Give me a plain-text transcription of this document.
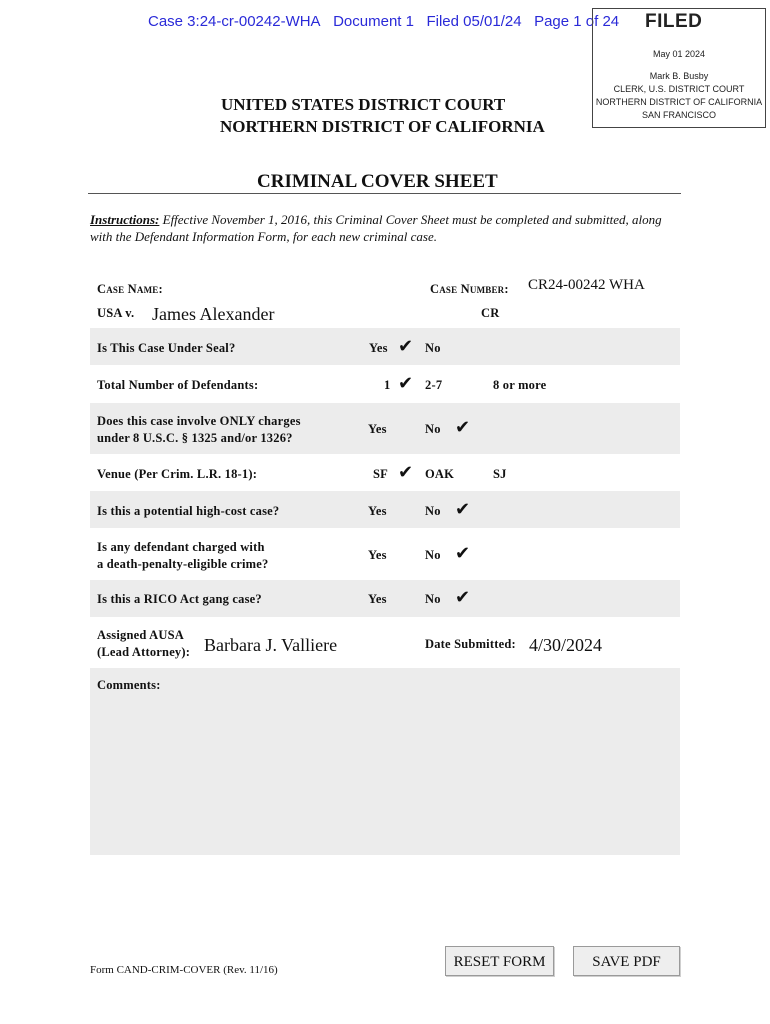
Case 3:24-cr-00242-WHA Document 1 Filed 05/01/24 Page 1 of 24 FILED
May 01 2024
Mark B. Busby
CLERK, U.S. DISTRICT COURT
NORTHERN DISTRICT OF CALIFORNIA
SAN FRANCISCO
UNITED STATES DISTRICT COURT
NORTHERN DISTRICT OF CALIFORNIA
CRIMINAL COVER SHEET
Instructions: Effective November 1, 2016, this Criminal Cover Sheet must be completed and submitted, along with the Defendant Information Form, for each new criminal case.
Case Name:	Case Number: CR24-00242 WHA
USA v. James Alexander	CR
Is This Case Under Seal?	Yes ✔ No
Total Number of Defendants:	1 ✔ 2-7	8 or more
Does this case involve ONLY charges
under 8 U.S.C. § 1325 and/or 1326?
Yes	No ✔
Venue (Per Crim. L.R. 18-1):	SF ✔ OAK	SJ
Is this a potential high-cost case?	Yes	No ✔
Is any defendant charged with
a death-penalty-eligible crime?
Yes	No ✔
Is this a RICO Act gang case?	Yes	No ✔
Assigned AUSA
(Lead Attorney): Barbara J. Valliere	Date Submitted: 4/30/2024
Comments:
RESET FORM	SAVE PDF
Form CAND-CRIM-COVER (Rev. 11/16)
